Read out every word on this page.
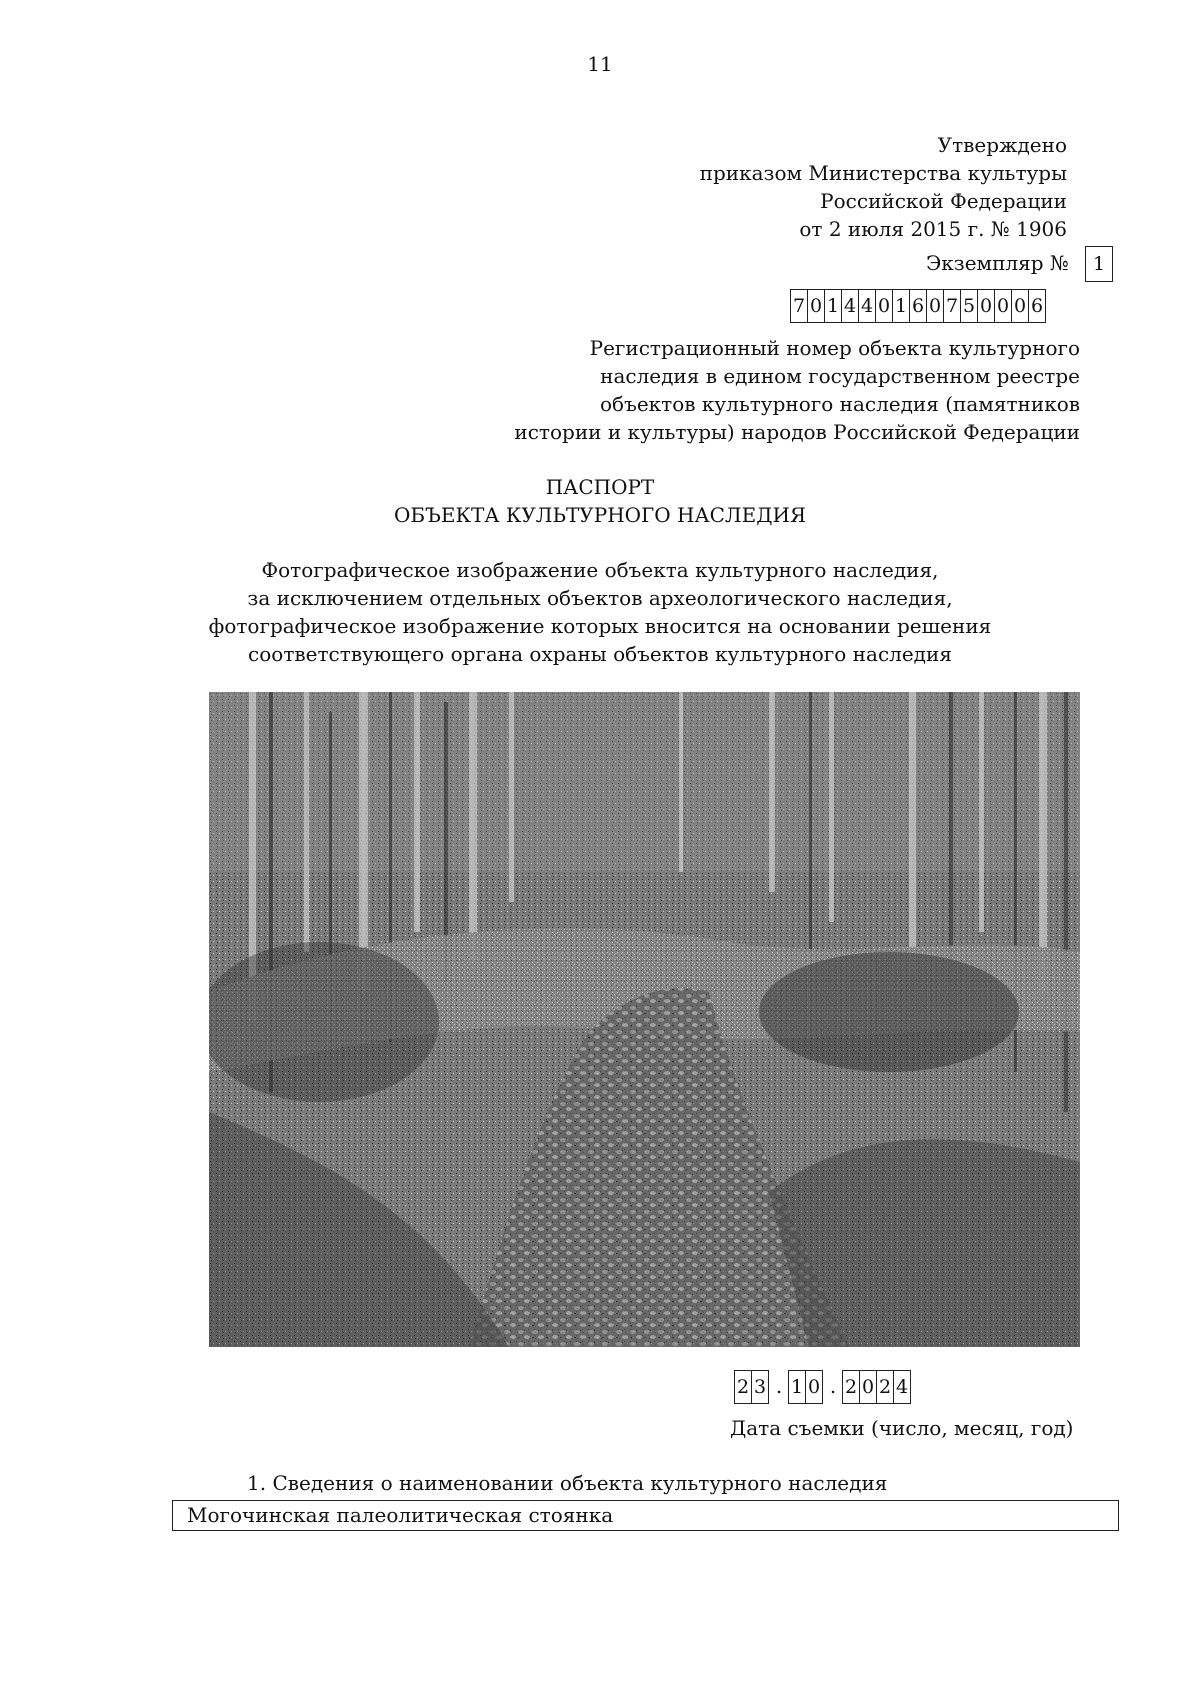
11
Утверждено
приказом Министерства культуры
Российской Федерации
от 2 июля 2015 г. № 1906
Экземпляр №	1
7 0 1 4 4 0 1 6 0 7 5 0 0 0 6
Регистрационный номер объекта культурного
наследия в едином государственном реестре
объектов культурного наследия (памятников
истории и культуры) народов Российской Федерации
ПАСПОРТ
ОБЪЕКТА КУЛЬТУРНОГО НАСЛЕДИЯ
Фотографическое изображение объекта культурного наследия,
за исключением отдельных объектов археологического наследия,
фотографическое изображение которых вносится на основании решения
соответствующего органа охраны объектов культурного наследия
2 3 . 1 0 . 2 0 2 4
Дата съемки (число, месяц, год)
1. Сведения о наименовании объекта культурного наследия
Могочинская палеолитическая стоянка
